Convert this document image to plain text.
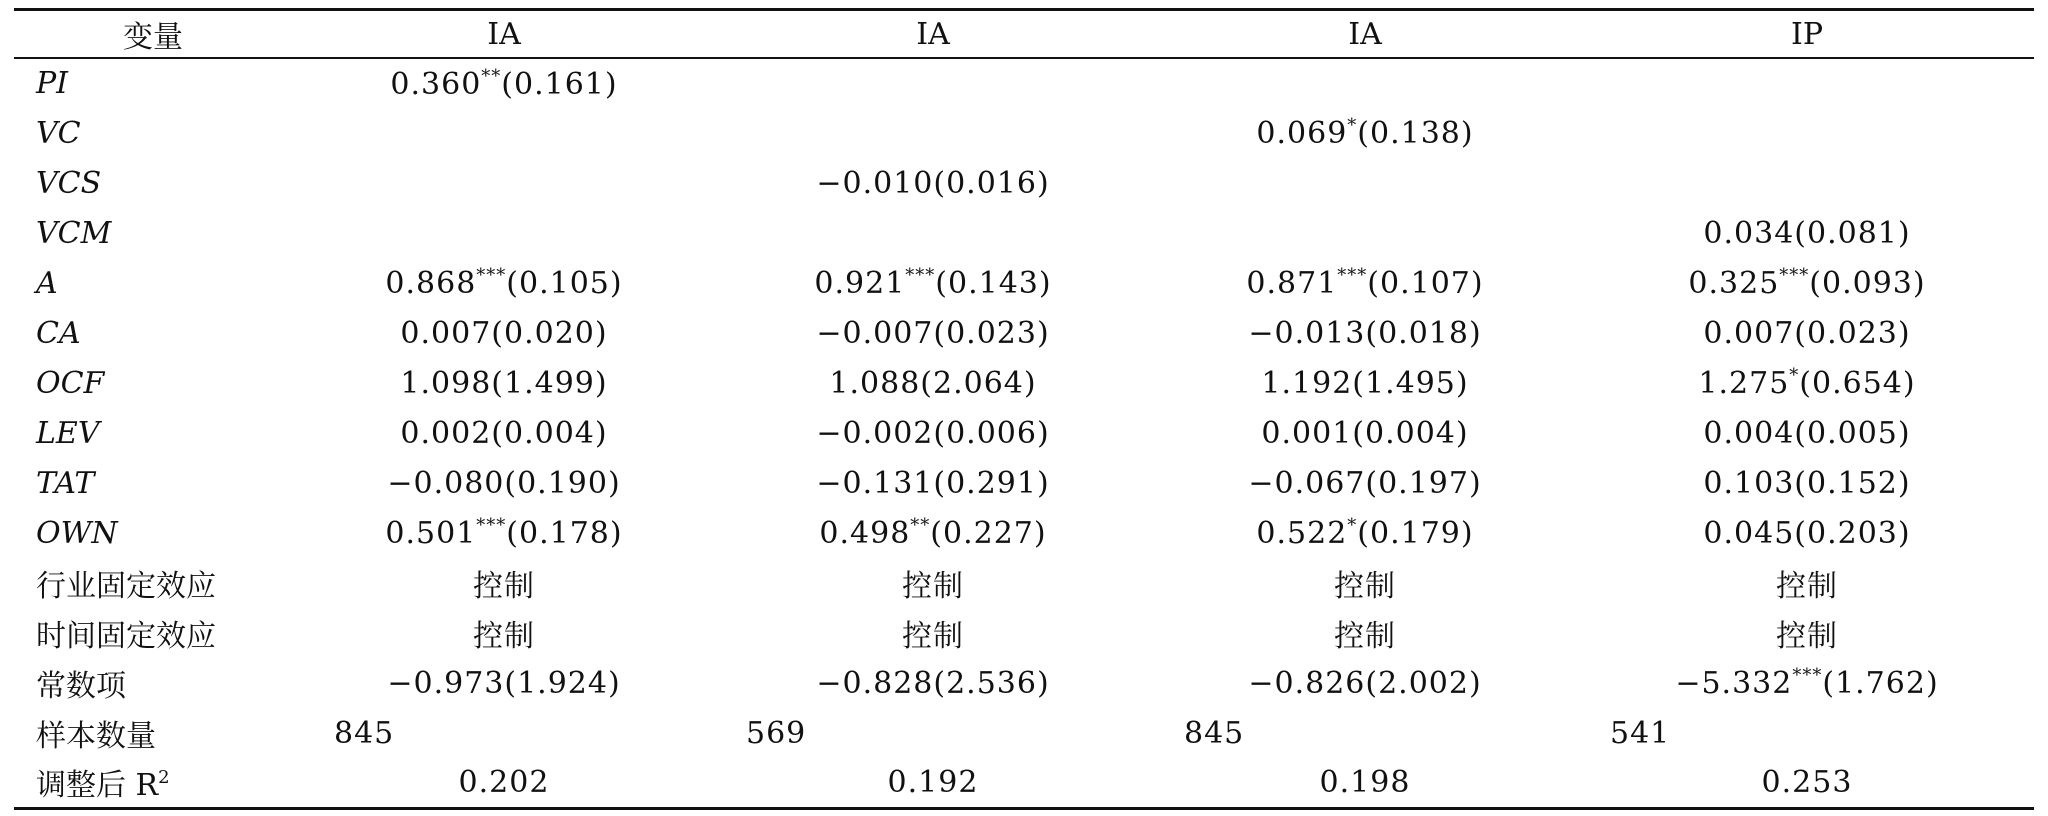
变量	IA	IA	IA	IP
PI	0.360**(0.161)			
VC			0.069*(0.138)	
VCS		−0.010(0.016)		
VCM				0.034(0.081)
A	0.868***(0.105)	0.921***(0.143)	0.871***(0.107)	0.325***(0.093)
CA	0.007(0.020)	−0.007(0.023)	−0.013(0.018)	0.007(0.023)
OCF	1.098(1.499)	1.088(2.064)	1.192(1.495)	1.275*(0.654)
LEV	0.002(0.004)	−0.002(0.006)	0.001(0.004)	0.004(0.005)
TAT	−0.080(0.190)	−0.131(0.291)	−0.067(0.197)	0.103(0.152)
OWN	0.501***(0.178)	0.498**(0.227)	0.522*(0.179)	0.045(0.203)
行业固定效应	控制	控制	控制	控制
时间固定效应	控制	控制	控制	控制
常数项	−0.973(1.924)	−0.828(2.536)	−0.826(2.002)	−5.332***(1.762)
样本数量	845	569	845	541
调整后 $R^2$	0.202	0.192	0.198	0.253
